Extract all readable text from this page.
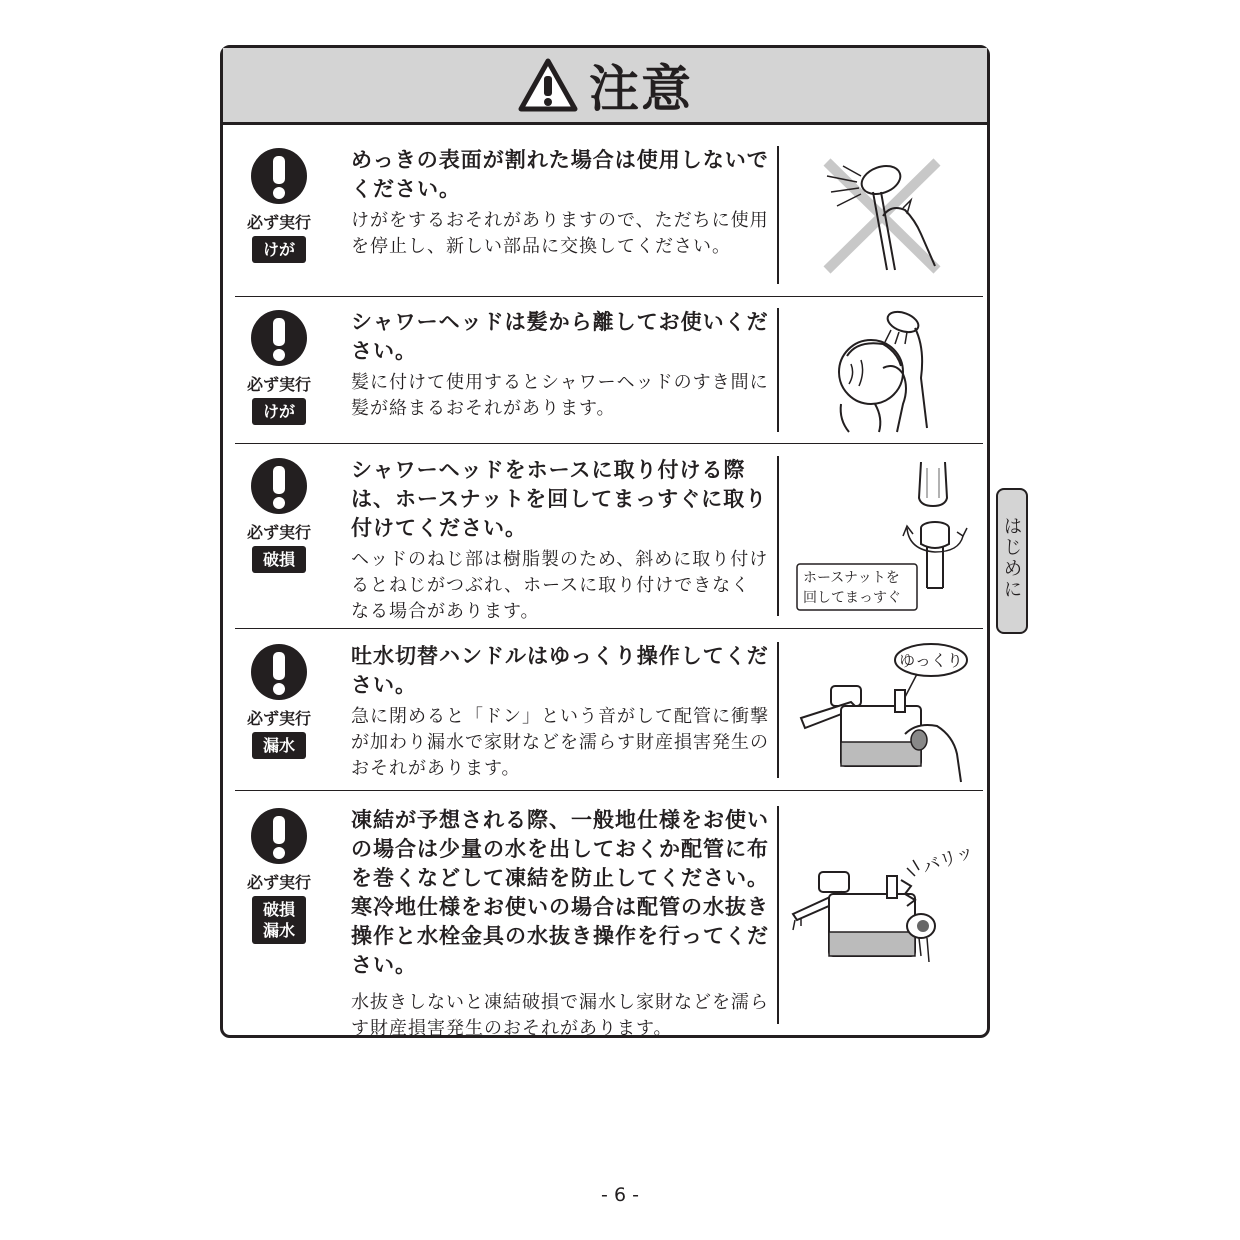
注意
必ず実行
けが
めっきの表面が割れた場合は使用しないでください。
けがをするおそれがありますので、ただちに使用を停止し、新しい部品に交換してください。
必ず実行
けが
シャワーヘッドは髪から離してお使いください。
髪に付けて使用するとシャワーヘッドのすき間に髪が絡まるおそれがあります。
必ず実行
破損
シャワーヘッドをホースに取り付ける際は、ホースナットを回してまっすぐに取り付けてください。
ヘッドのねじ部は樹脂製のため、斜めに取り付けるとねじがつぶれ、ホースに取り付けできなくなる場合があります。
ホースナットを
回してまっすぐ
必ず実行
漏水
吐水切替ハンドルはゆっくり操作してください。
急に閉めると「ドン」という音がして配管に衝撃が加わり漏水で家財などを濡らす財産損害発生のおそれがあります。
ゆっくり
必ず実行
破損
漏水
凍結が予想される際、一般地仕様をお使いの場合は少量の水を出しておくか配管に布を巻くなどして凍結を防止してください。寒冷地仕様をお使いの場合は配管の水抜き操作と水栓金具の水抜き操作を行ってください。
水抜きしないと凍結破損で漏水し家財などを濡らす財産損害発生のおそれがあります。
バリッ
はじめに
- 6 -
